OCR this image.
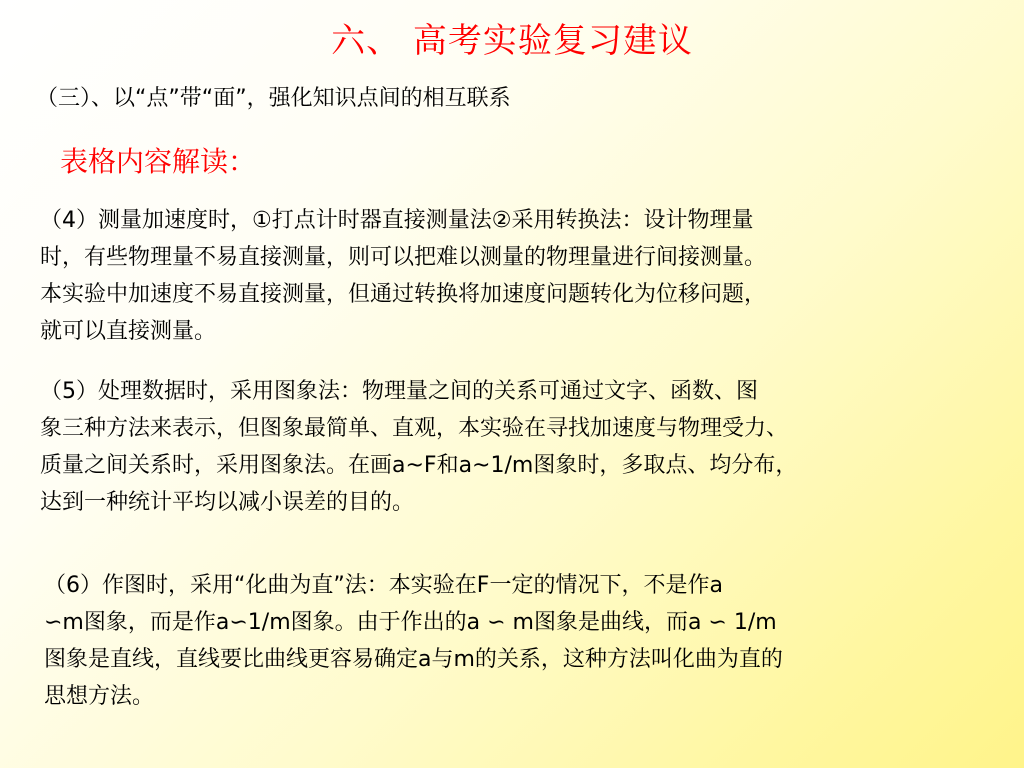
六、 高考实验复习建议
（三）、以“点”带“面”，强化知识点间的相互联系
表格内容解读：
（4）测量加速度时，①打点计时器直接测量法②采用转换法：设计物理量
时，有些物理量不易直接测量，则可以把难以测量的物理量进行间接测量。
本实验中加速度不易直接测量，但通过转换将加速度问题转化为位移问题，
就可以直接测量。
（5）处理数据时，采用图象法：物理量之间的关系可通过文字、函数、图
象三种方法来表示，但图象最简单、直观，本实验在寻找加速度与物理受力、
质量之间关系时，采用图象法。在画a~F和a~1/m图象时，多取点、均分布，
达到一种统计平均以减小误差的目的。
（6）作图时，采用“化曲为直”法：本实验在F一定的情况下，不是作a
∽m图象，而是作a∽1/m图象。由于作出的a ∽ m图象是曲线，而a ∽ 1/m
图象是直线，直线要比曲线更容易确定a与m的关系，这种方法叫化曲为直的
思想方法。
